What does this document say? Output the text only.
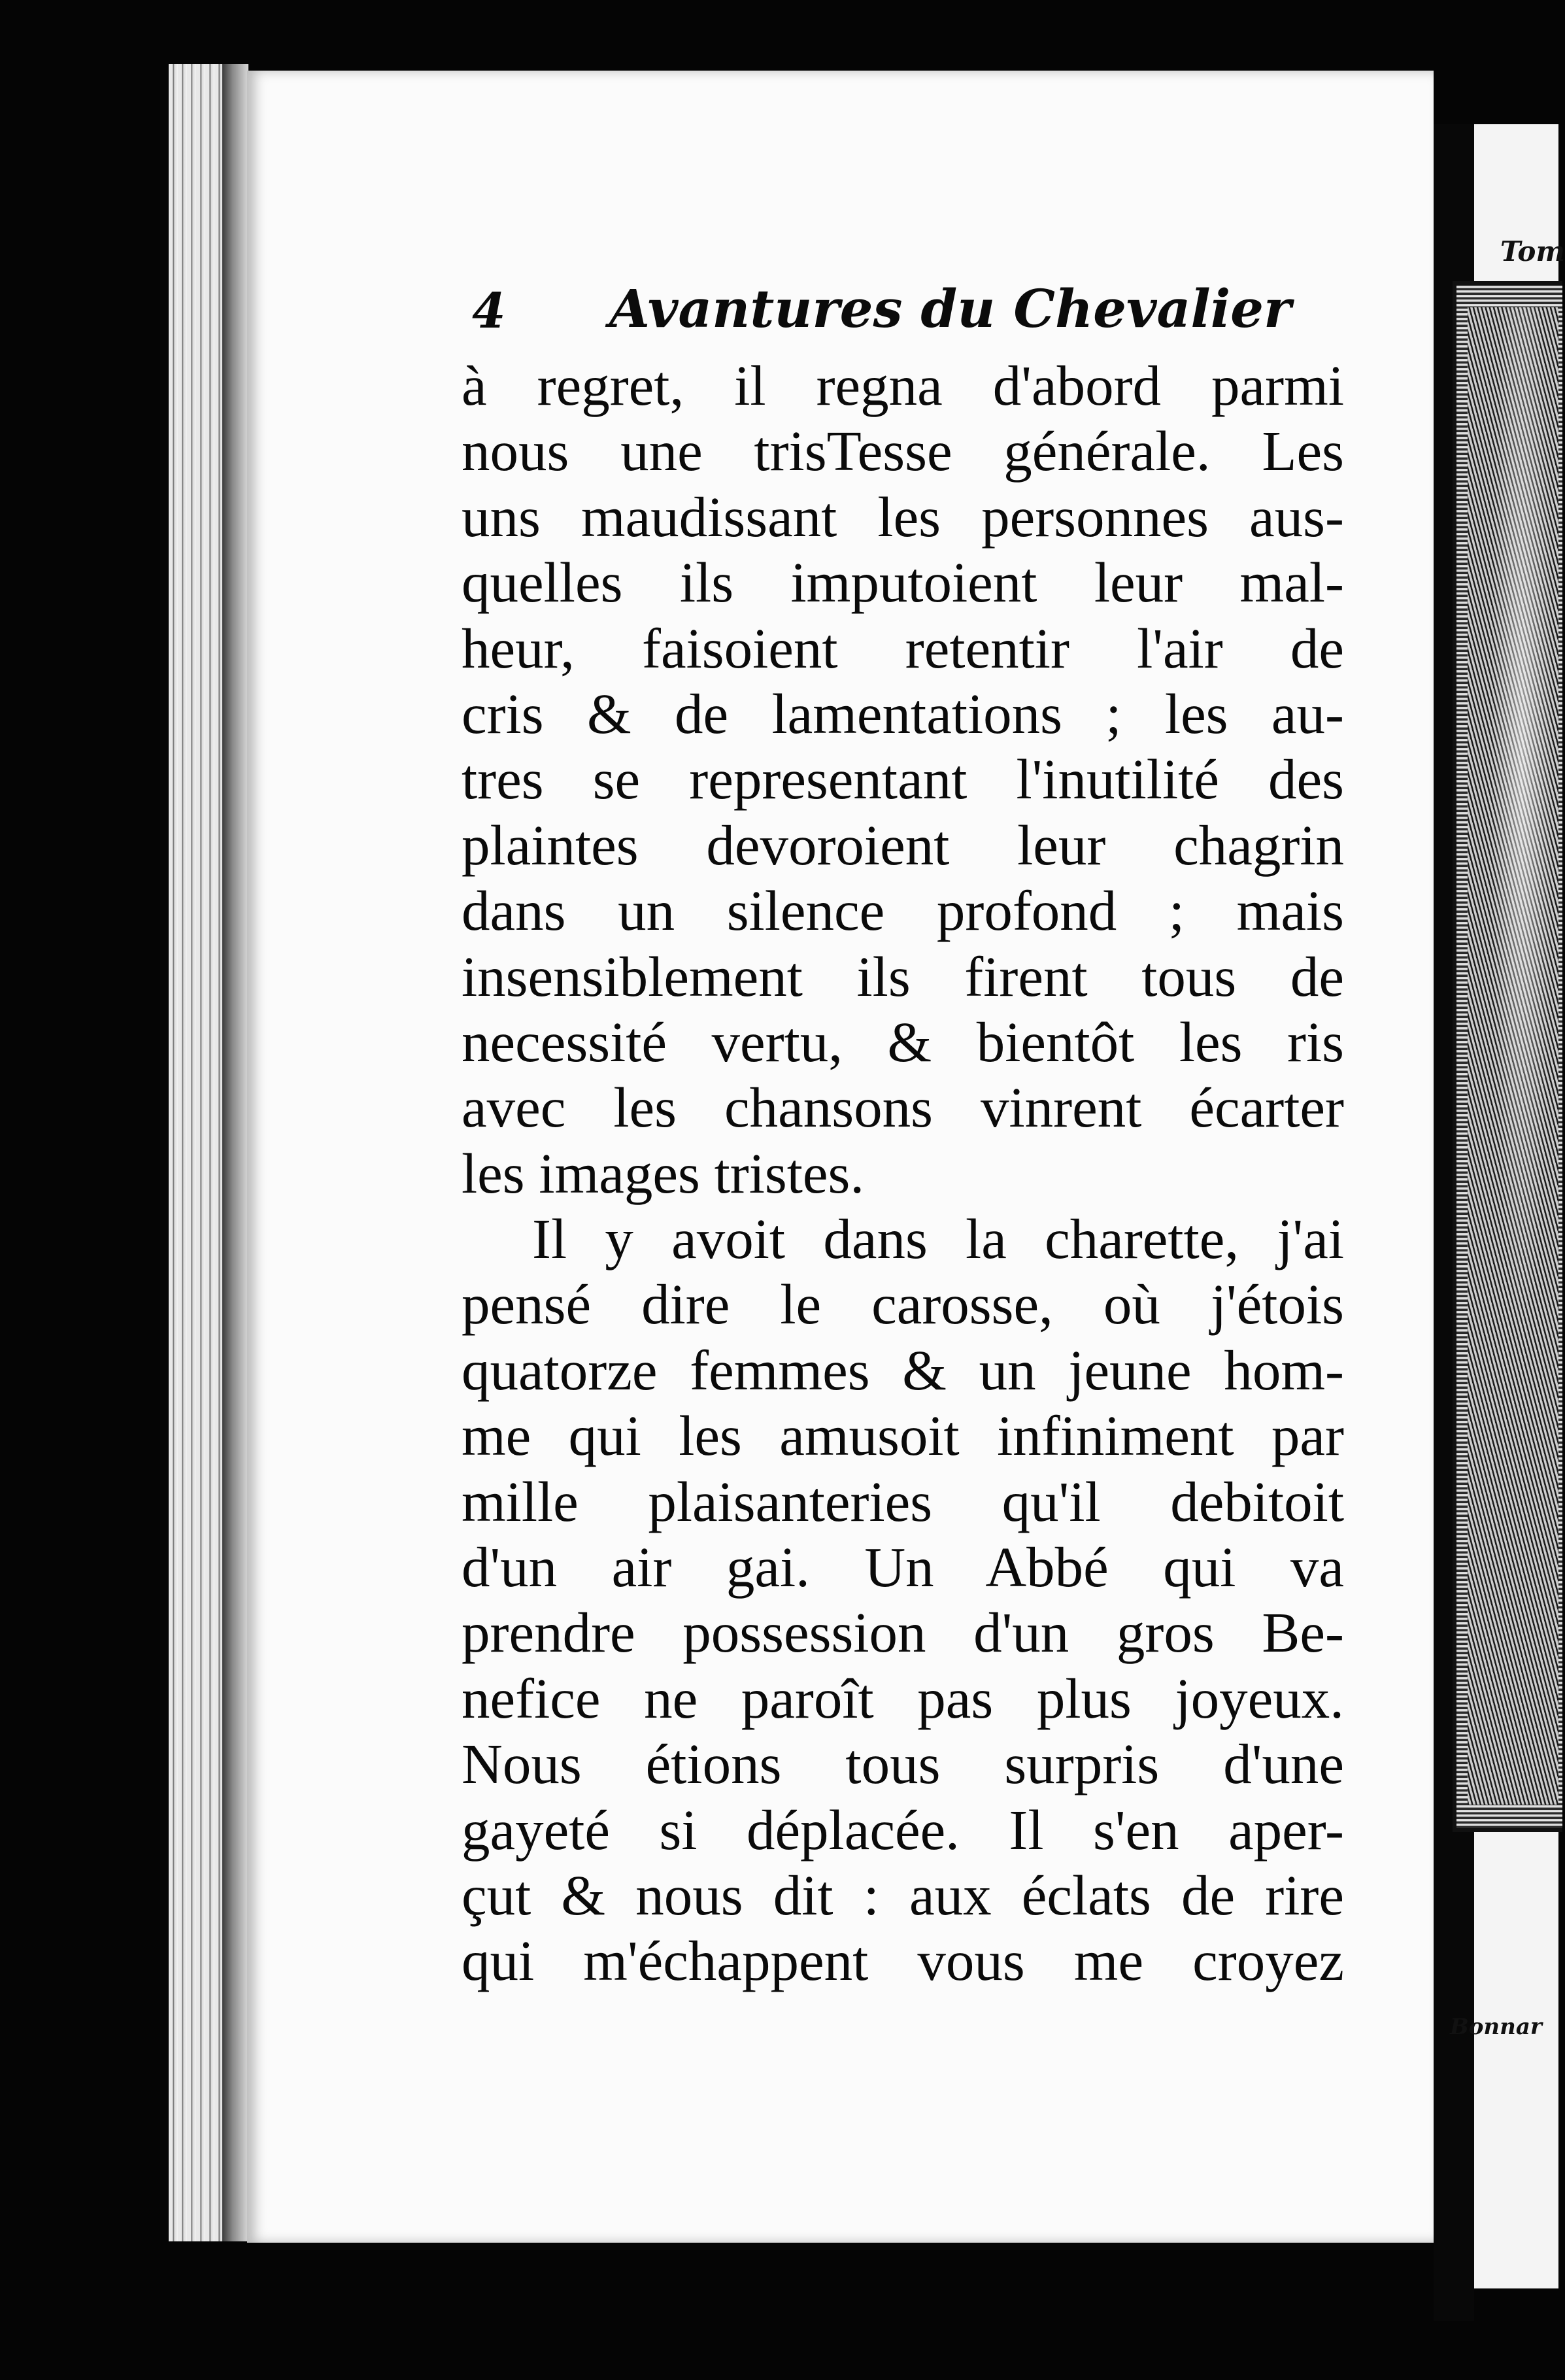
Tom
Bonnar
4 Avantures du Chevalier
à regret, il regna d'abord parmi
nous une trisTesse générale. Les
uns maudissant les personnes aus-
quelles ils imputoient leur mal-
heur, faisoient retentir l'air de
cris & de lamentations ; les au-
tres se representant l'inutilité des
plaintes devoroient leur chagrin
dans un silence profond ; mais
insensiblement ils firent tous de
necessité vertu, & bientôt les ris
avec les chansons vinrent écarter
les images tristes.
Il y avoit dans la charette, j'ai
pensé dire le carosse, où j'étois
quatorze femmes & un jeune hom-
me qui les amusoit infiniment par
mille plaisanteries qu'il debitoit
d'un air gai. Un Abbé qui va
prendre possession d'un gros Be-
nefice ne paroît pas plus joyeux.
Nous étions tous surpris d'une
gayeté si déplacée. Il s'en aper-
çut & nous dit : aux éclats de rire
qui m'échappent vous me croyez
